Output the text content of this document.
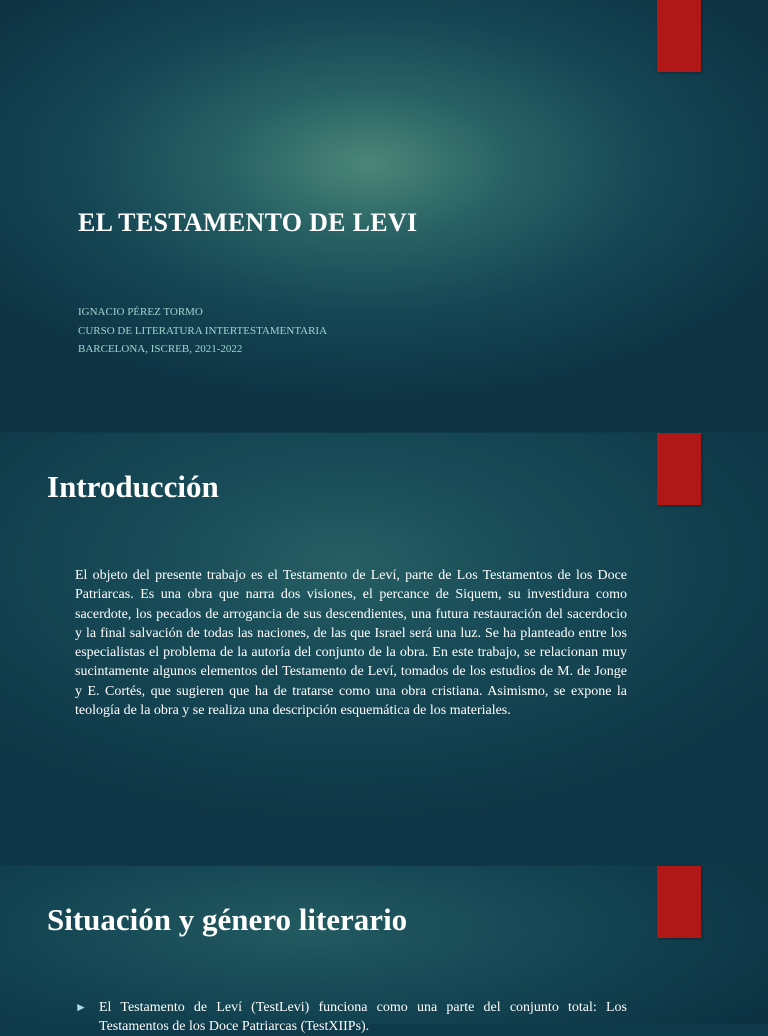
EL TESTAMENTO DE LEVI
IGNACIO PÉREZ TORMO
CURSO DE LITERATURA INTERTESTAMENTARIA
BARCELONA, ISCREB, 2021-2022
Introducción

El objeto del presente trabajo es el Testamento de Leví, parte de Los Testamentos de los Doce Patriarcas. Es una obra que narra dos visiones, el percance de Siquem, su investidura como sacerdote, los pecados de arrogancia de sus descendientes, una futura restauración del sacerdocio y la final salvación de todas las naciones, de las que Israel será una luz. Se ha planteado entre los especialistas el problema de la autoría del conjunto de la obra. En este trabajo, se relacionan muy sucintamente algunos elementos del Testamento de Leví, tomados de los estudios de M. de Jonge y E. Cortés, que sugieren que ha de tratarse como una obra cristiana. Asimismo, se expone la teología de la obra y se realiza una descripción esquemática de los materiales.

Situación y género literario
► El Testamento de Leví (TestLevi) funciona como una parte del conjunto total: Los Testamentos de los Doce Patriarcas (TestXIIPs).
